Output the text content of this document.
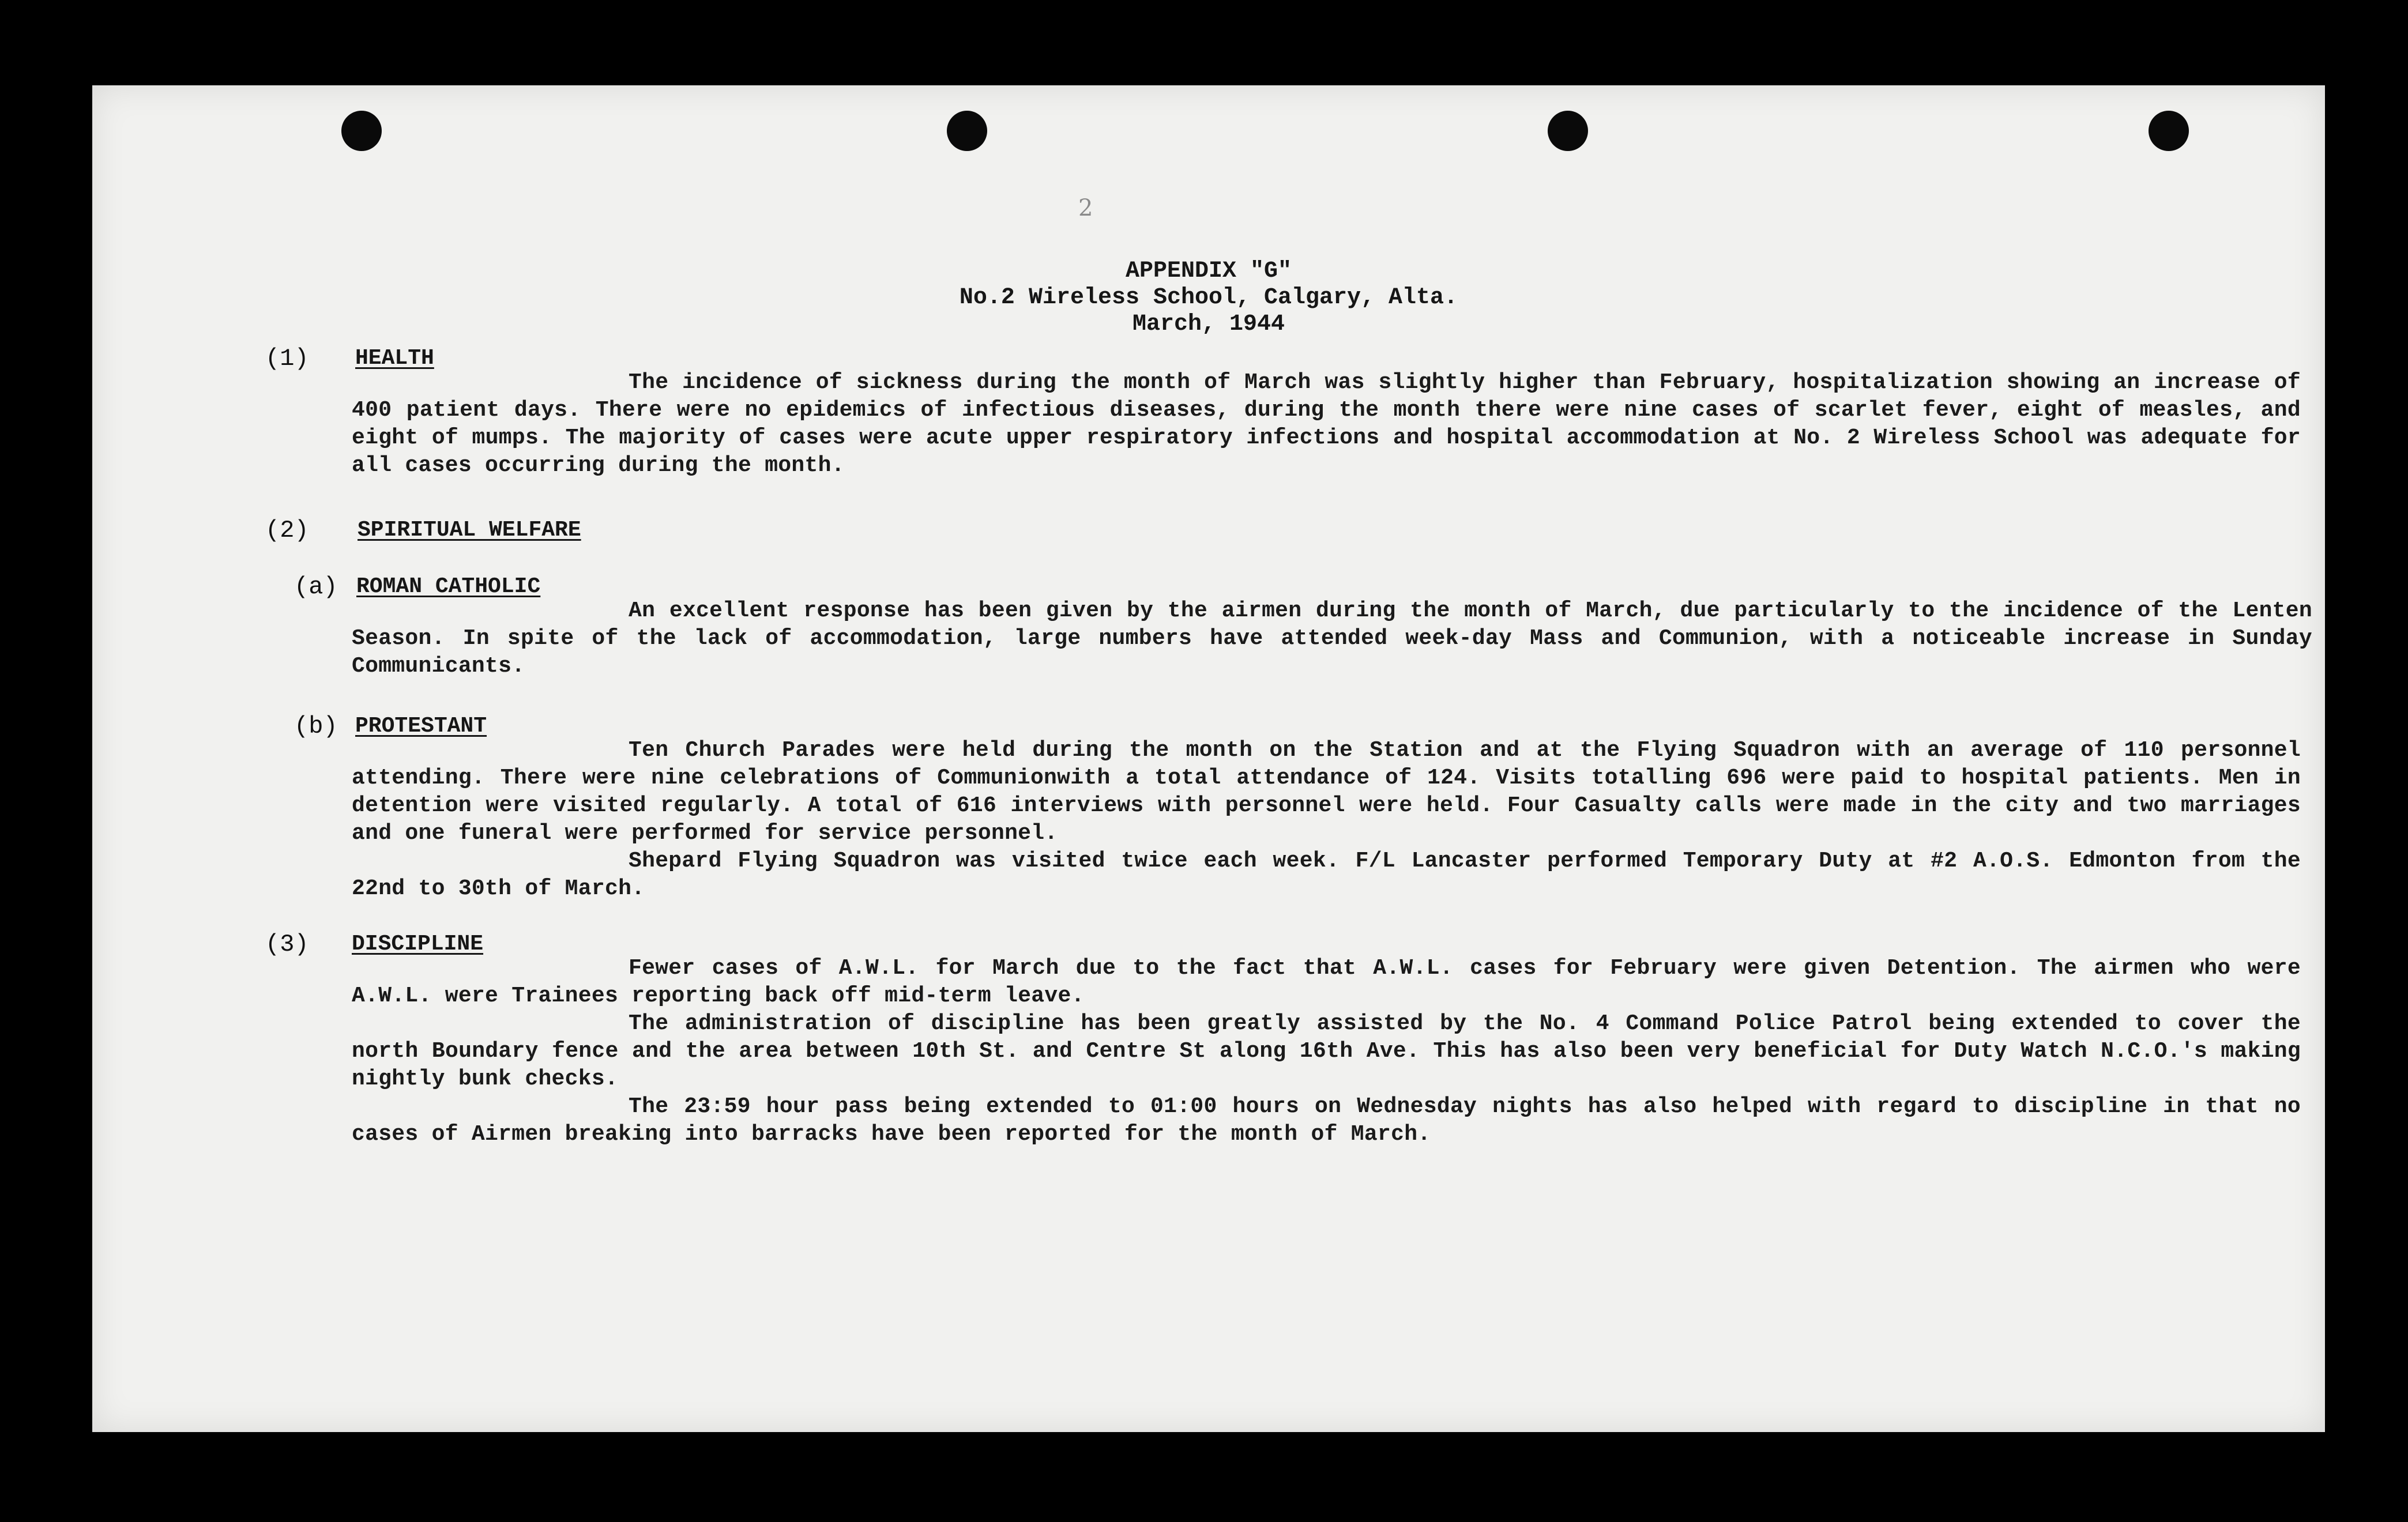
2
APPENDIX "G"
No.2 Wireless School, Calgary, Alta.
March, 1944
(1) HEALTH
The incidence of sickness during the month of March was slightly higher than February, hospitalization showing an increase of 400 patient days. There were no epidemics of infectious diseases, during the month there were nine cases of scarlet fever, eight of measles, and eight of mumps. The majority of cases were acute upper respiratory infections and hospital accommodation at No. 2 Wireless School was adequate for all cases occurring during the month.
(2) SPIRITUAL WELFARE
(a) ROMAN CATHOLIC
An excellent response has been given by the airmen during the month of March, due particularly to the incidence of the Lenten Season. In spite of the lack of accommodation, large numbers have attended week-day Mass and Communion, with a noticeable increase in Sunday Communicants.
(b) PROTESTANT
Ten Church Parades were held during the month on the Station and at the Flying Squadron with an average of 110 personnel attending. There were nine celebrations of Communionwith a total attendance of 124. Visits totalling 696 were paid to hospital patients. Men in detention were visited regularly. A total of 616 interviews with personnel were held. Four Casualty calls were made in the city and two marriages and one funeral were performed for service personnel.
Shepard Flying Squadron was visited twice each week. F/L Lancaster performed Temporary Duty at #2 A.O.S. Edmonton from the 22nd to 30th of March.
(3) DISCIPLINE
Fewer cases of A.W.L. for March due to the fact that A.W.L. cases for February were given Detention. The airmen who were A.W.L. were Trainees reporting back off mid-term leave.
The administration of discipline has been greatly assisted by the No. 4 Command Police Patrol being extended to cover the north Boundary fence and the area between 10th St. and Centre St along 16th Ave. This has also been very beneficial for Duty Watch N.C.O.'s making nightly bunk checks.
The 23:59 hour pass being extended to 01:00 hours on Wednesday nights has also helped with regard to discipline in that no cases of Airmen breaking into barracks have been reported for the month of March.
